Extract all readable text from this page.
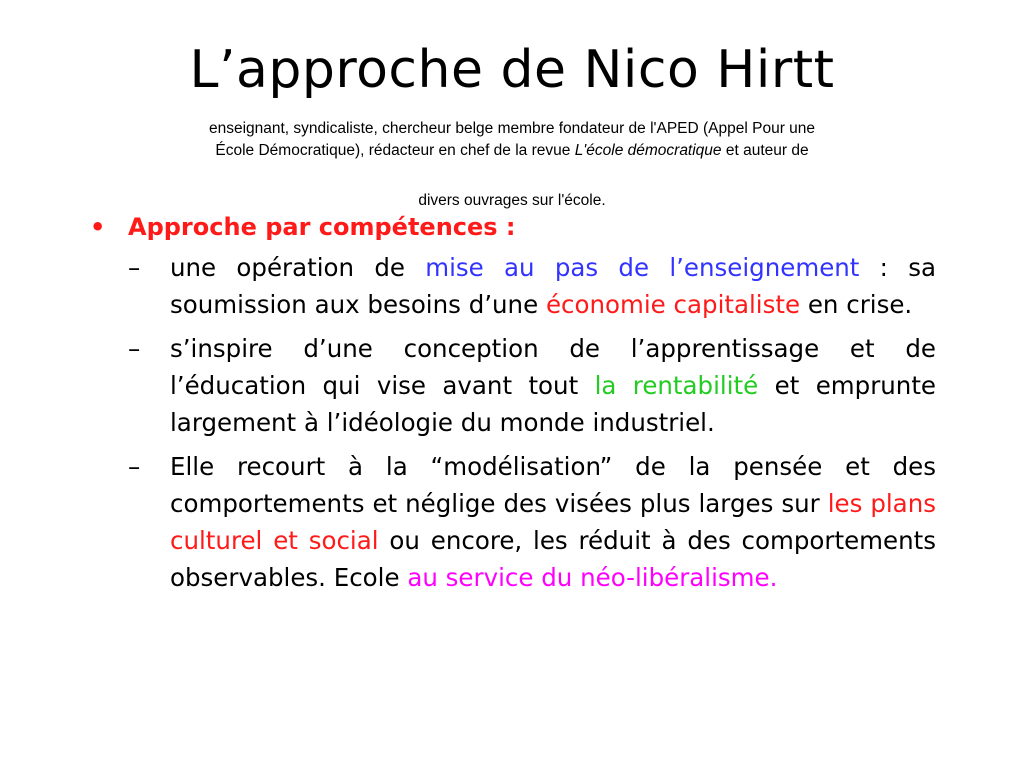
L’approche de Nico Hirtt
enseignant, syndicaliste, chercheur belge membre fondateur de l'APED (Appel Pour une
École Démocratique), rédacteur en chef de la revue L'école démocratique et auteur de
divers ouvrages sur l'école.
• Approche par compétences :
– une opération de mise au pas de l’enseignement : sa soumission aux besoins d’une économie capitaliste en crise.
– s’inspire d’une conception de l’apprentissage et de l’éducation qui vise avant tout la rentabilité et emprunte largement à l’idéologie du monde industriel.
– Elle recourt à la “modélisation” de la pensée et des comportements et néglige des visées plus larges sur les plans culturel et social ou encore, les réduit à des comportements observables. Ecole au service du néo-libéralisme.
